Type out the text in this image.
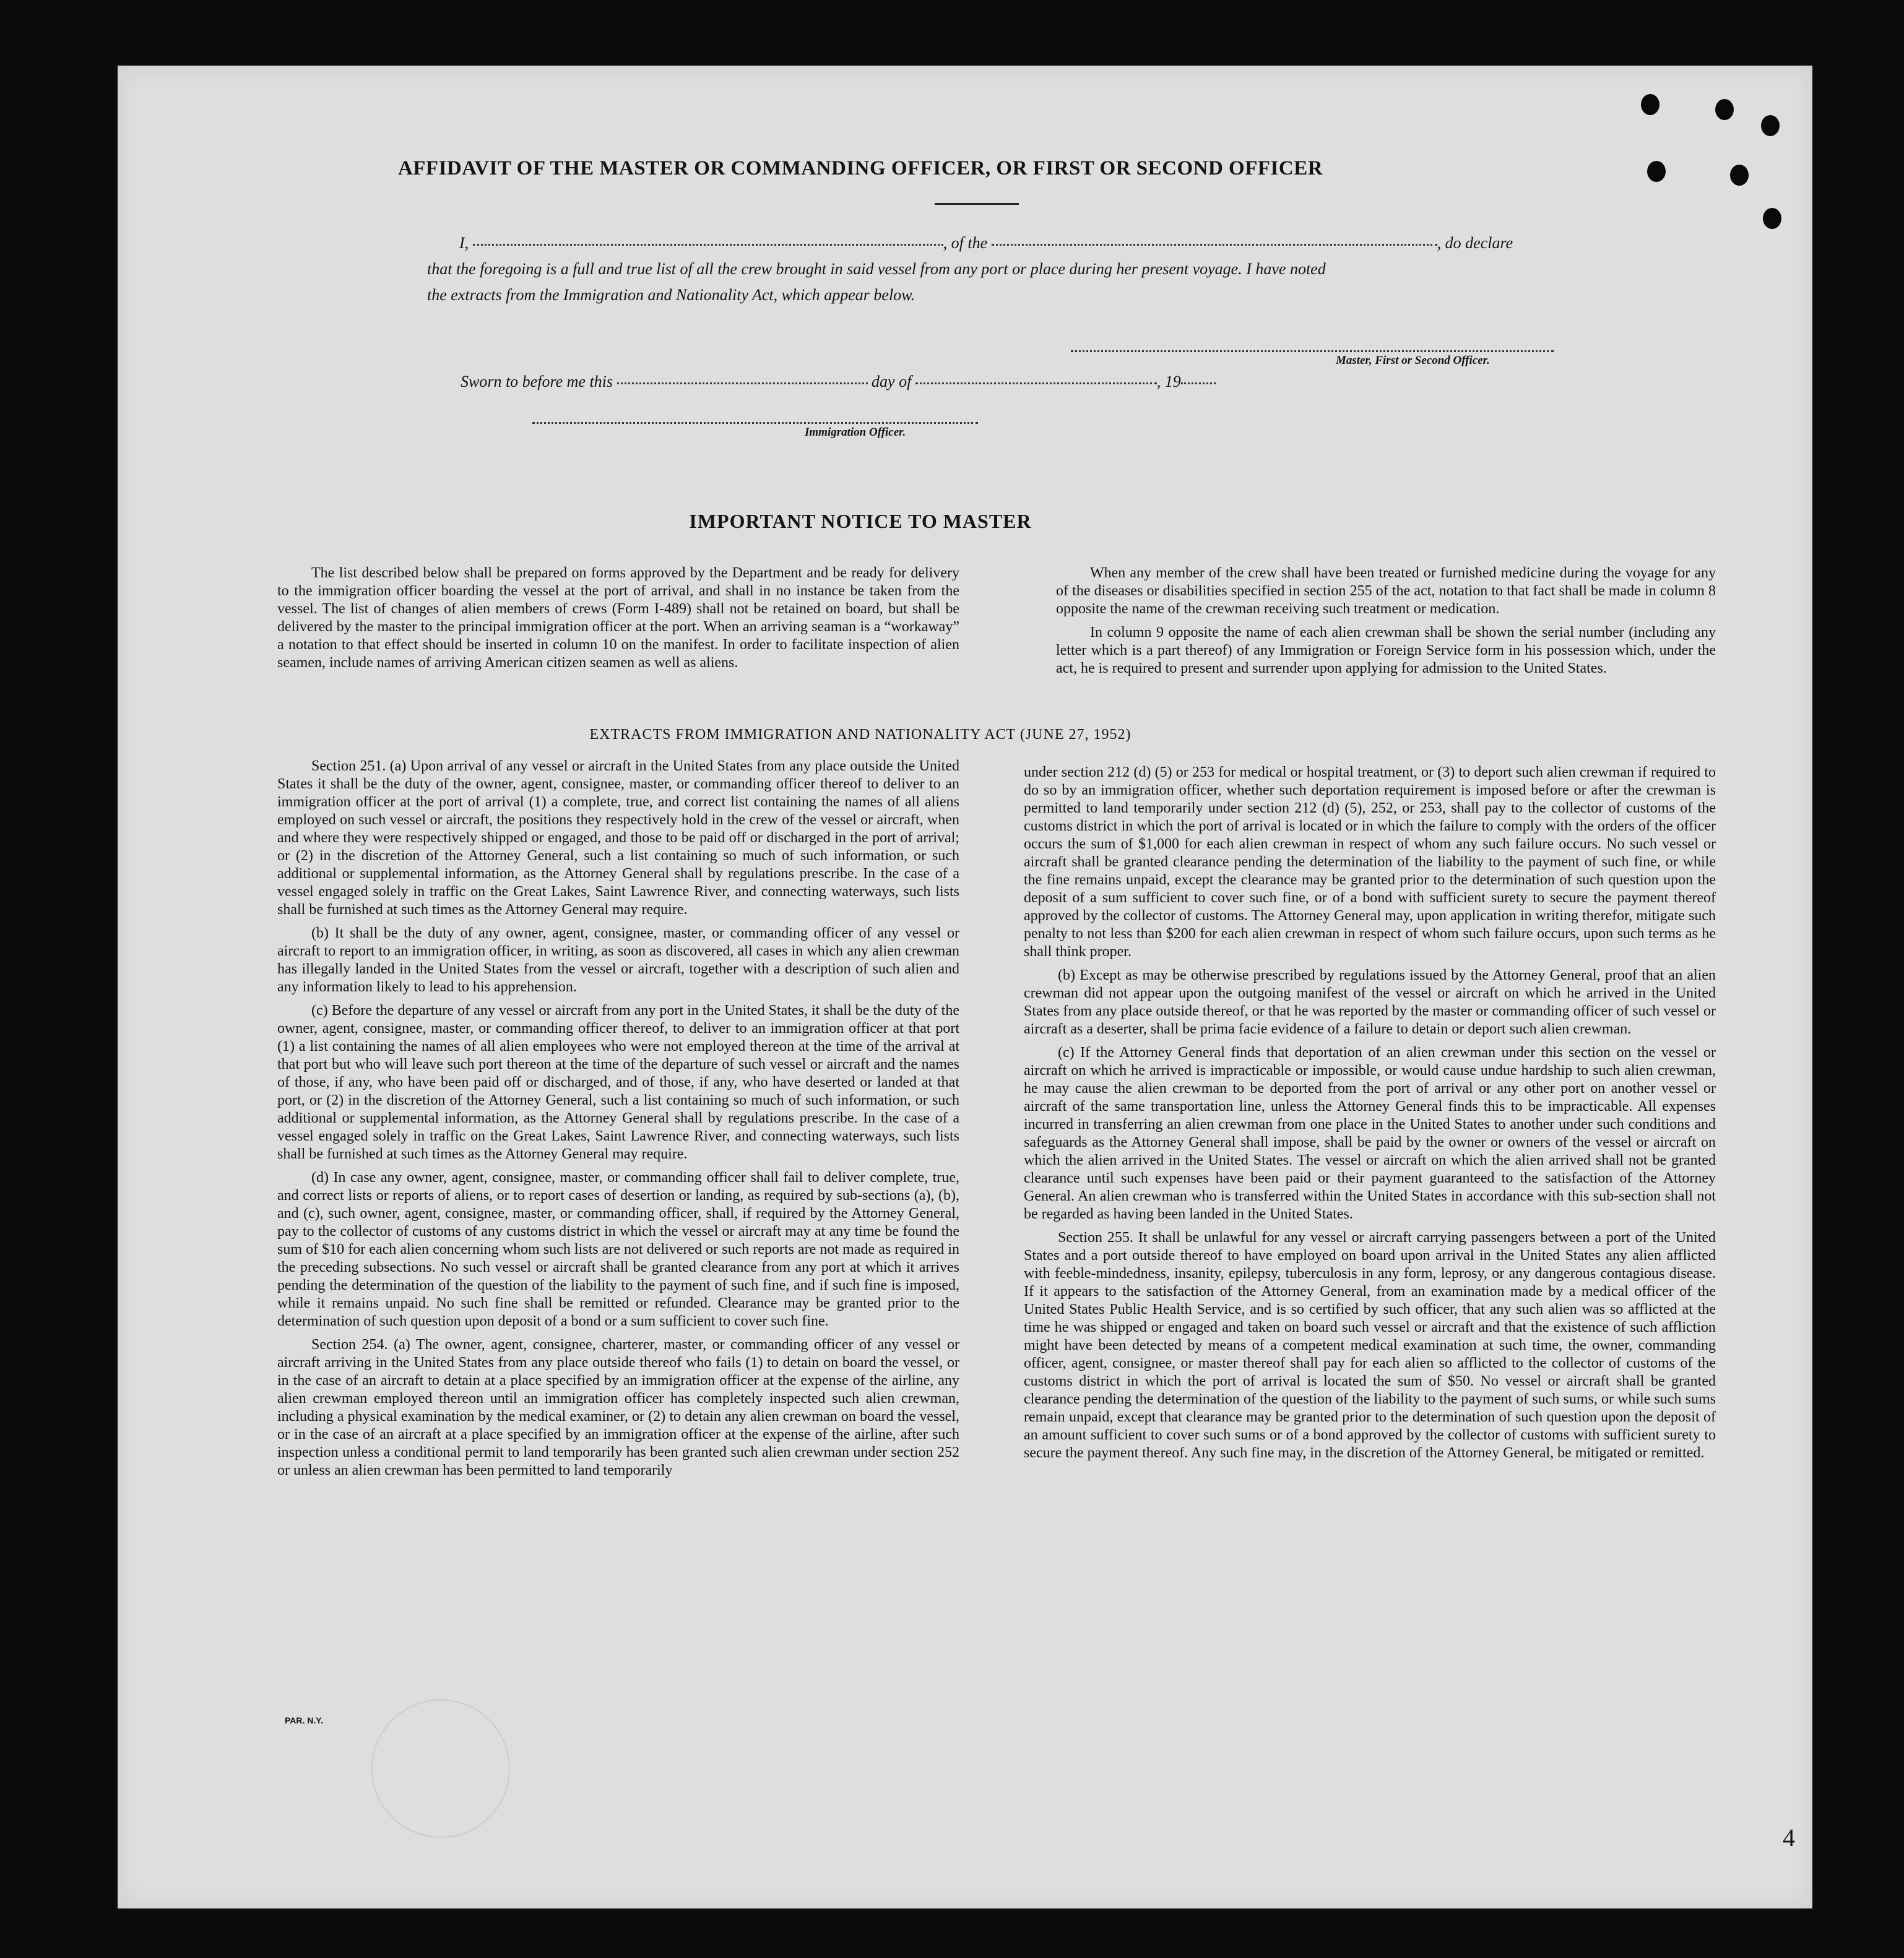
AFFIDAVIT OF THE MASTER OR COMMANDING OFFICER, OR FIRST OR SECOND OFFICER
I,	, of the	, do declare
that the foregoing is a full and true list of all the crew brought in said vessel from any port or place during her present voyage. I have noted
the extracts from the Immigration and Nationality Act, which appear below.
Master, First or Second Officer.
Sworn to before me this	day of	, 19
Immigration Officer.
IMPORTANT NOTICE TO MASTER

The list described below shall be prepared on forms approved by the Department and be ready for delivery to the immigration officer boarding the vessel at the port of arrival, and shall in no instance be taken from the vessel. The list of changes of alien members of crews (Form I-489) shall not be retained on board, but shall be delivered by the master to the principal immigration officer at the port. When an arriving seaman is a “workaway” a notation to that effect should be inserted in column 10 on the manifest. In order to facilitate inspection of alien seamen, include names of arriving American citizen seamen as well as aliens.

When any member of the crew shall have been treated or furnished medicine during the voyage for any of the diseases or disabilities specified in section 255 of the act, notation to that fact shall be made in column 8 opposite the name of the crewman receiving such treatment or medication.

In column 9 opposite the name of each alien crewman shall be shown the serial number (including any letter which is a part thereof) of any Immigration or Foreign Service form in his possession which, under the act, he is required to present and surrender upon applying for admission to the United States.

EXTRACTS FROM IMMIGRATION AND NATIONALITY ACT (JUNE 27, 1952)

Section 251. (a) Upon arrival of any vessel or aircraft in the United States from any place outside the United States it shall be the duty of the owner, agent, consignee, master, or commanding officer thereof to deliver to an immigration officer at the port of arrival (1) a complete, true, and correct list containing the names of all aliens employed on such vessel or aircraft, the positions they respectively hold in the crew of the vessel or aircraft, when and where they were respectively shipped or engaged, and those to be paid off or discharged in the port of arrival; or (2) in the discretion of the Attorney General, such a list containing so much of such information, or such additional or supplemental information, as the Attorney General shall by regulations prescribe. In the case of a vessel engaged solely in traffic on the Great Lakes, Saint Lawrence River, and connecting waterways, such lists shall be furnished at such times as the Attorney General may require.

(b) It shall be the duty of any owner, agent, consignee, master, or commanding officer of any vessel or aircraft to report to an immigration officer, in writing, as soon as discovered, all cases in which any alien crewman has illegally landed in the United States from the vessel or aircraft, together with a description of such alien and any information likely to lead to his apprehension.

(c) Before the departure of any vessel or aircraft from any port in the United States, it shall be the duty of the owner, agent, consignee, master, or commanding officer thereof, to deliver to an immigration officer at that port (1) a list containing the names of all alien employees who were not employed thereon at the time of the arrival at that port but who will leave such port thereon at the time of the departure of such vessel or aircraft and the names of those, if any, who have been paid off or discharged, and of those, if any, who have deserted or landed at that port, or (2) in the discretion of the Attorney General, such a list containing so much of such information, or such additional or supplemental information, as the Attorney General shall by regulations prescribe. In the case of a vessel engaged solely in traffic on the Great Lakes, Saint Lawrence River, and connecting waterways, such lists shall be furnished at such times as the Attorney General may require.

(d) In case any owner, agent, consignee, master, or commanding officer shall fail to deliver complete, true, and correct lists or reports of aliens, or to report cases of desertion or landing, as required by sub-sections (a), (b), and (c), such owner, agent, consignee, master, or commanding officer, shall, if required by the Attorney General, pay to the collector of customs of any customs district in which the vessel or aircraft may at any time be found the sum of $10 for each alien concerning whom such lists are not delivered or such reports are not made as required in the preceding subsections. No such vessel or aircraft shall be granted clearance from any port at which it arrives pending the determination of the question of the liability to the payment of such fine, and if such fine is imposed, while it remains unpaid. No such fine shall be remitted or refunded. Clearance may be granted prior to the determination of such question upon deposit of a bond or a sum sufficient to cover such fine.

Section 254. (a) The owner, agent, consignee, charterer, master, or commanding officer of any vessel or aircraft arriving in the United States from any place outside thereof who fails (1) to detain on board the vessel, or in the case of an aircraft to detain at a place specified by an immigration officer at the expense of the airline, any alien crewman employed thereon until an immigration officer has completely inspected such alien crewman, including a physical examination by the medical examiner, or (2) to detain any alien crewman on board the vessel, or in the case of an aircraft at a place specified by an immigration officer at the expense of the airline, after such inspection unless a conditional permit to land temporarily has been granted such alien crewman under section 252 or unless an alien crewman has been permitted to land temporarily

under section 212 (d) (5) or 253 for medical or hospital treatment, or (3) to deport such alien crewman if required to do so by an immigration officer, whether such deportation requirement is imposed before or after the crewman is permitted to land temporarily under section 212 (d) (5), 252, or 253, shall pay to the collector of customs of the customs district in which the port of arrival is located or in which the failure to comply with the orders of the officer occurs the sum of $1,000 for each alien crewman in respect of whom any such failure occurs. No such vessel or aircraft shall be granted clearance pending the determination of the liability to the payment of such fine, or while the fine remains unpaid, except the clearance may be granted prior to the determination of such question upon the deposit of a sum sufficient to cover such fine, or of a bond with sufficient surety to secure the payment thereof approved by the collector of customs. The Attorney General may, upon application in writing therefor, mitigate such penalty to not less than $200 for each alien crewman in respect of whom such failure occurs, upon such terms as he shall think proper.

(b) Except as may be otherwise prescribed by regulations issued by the Attorney General, proof that an alien crewman did not appear upon the outgoing manifest of the vessel or aircraft on which he arrived in the United States from any place outside thereof, or that he was reported by the master or commanding officer of such vessel or aircraft as a deserter, shall be prima facie evidence of a failure to detain or deport such alien crewman.

(c) If the Attorney General finds that deportation of an alien crewman under this section on the vessel or aircraft on which he arrived is impracticable or impossible, or would cause undue hardship to such alien crewman, he may cause the alien crewman to be deported from the port of arrival or any other port on another vessel or aircraft of the same transportation line, unless the Attorney General finds this to be impracticable. All expenses incurred in transferring an alien crewman from one place in the United States to another under such conditions and safeguards as the Attorney General shall impose, shall be paid by the owner or owners of the vessel or aircraft on which the alien arrived in the United States. The vessel or aircraft on which the alien arrived shall not be granted clearance until such expenses have been paid or their payment guaranteed to the satisfaction of the Attorney General. An alien crewman who is transferred within the United States in accordance with this sub-section shall not be regarded as having been landed in the United States.

Section 255. It shall be unlawful for any vessel or aircraft carrying passengers between a port of the United States and a port outside thereof to have employed on board upon arrival in the United States any alien afflicted with feeble-mindedness, insanity, epilepsy, tuberculosis in any form, leprosy, or any dangerous contagious disease. If it appears to the satisfaction of the Attorney General, from an examination made by a medical officer of the United States Public Health Service, and is so certified by such officer, that any such alien was so afflicted at the time he was shipped or engaged and taken on board such vessel or aircraft and that the existence of such affliction might have been detected by means of a competent medical examination at such time, the owner, commanding officer, agent, consignee, or master thereof shall pay for each alien so afflicted to the collector of customs of the customs district in which the port of arrival is located the sum of $50. No vessel or aircraft shall be granted clearance pending the determination of the question of the liability to the payment of such sums, or while such sums remain unpaid, except that clearance may be granted prior to the determination of such question upon the deposit of an amount sufficient to cover such sums or of a bond approved by the collector of customs with sufficient surety to secure the payment thereof. Any such fine may, in the discretion of the Attorney General, be mitigated or remitted.

PAR. N.Y.
4
